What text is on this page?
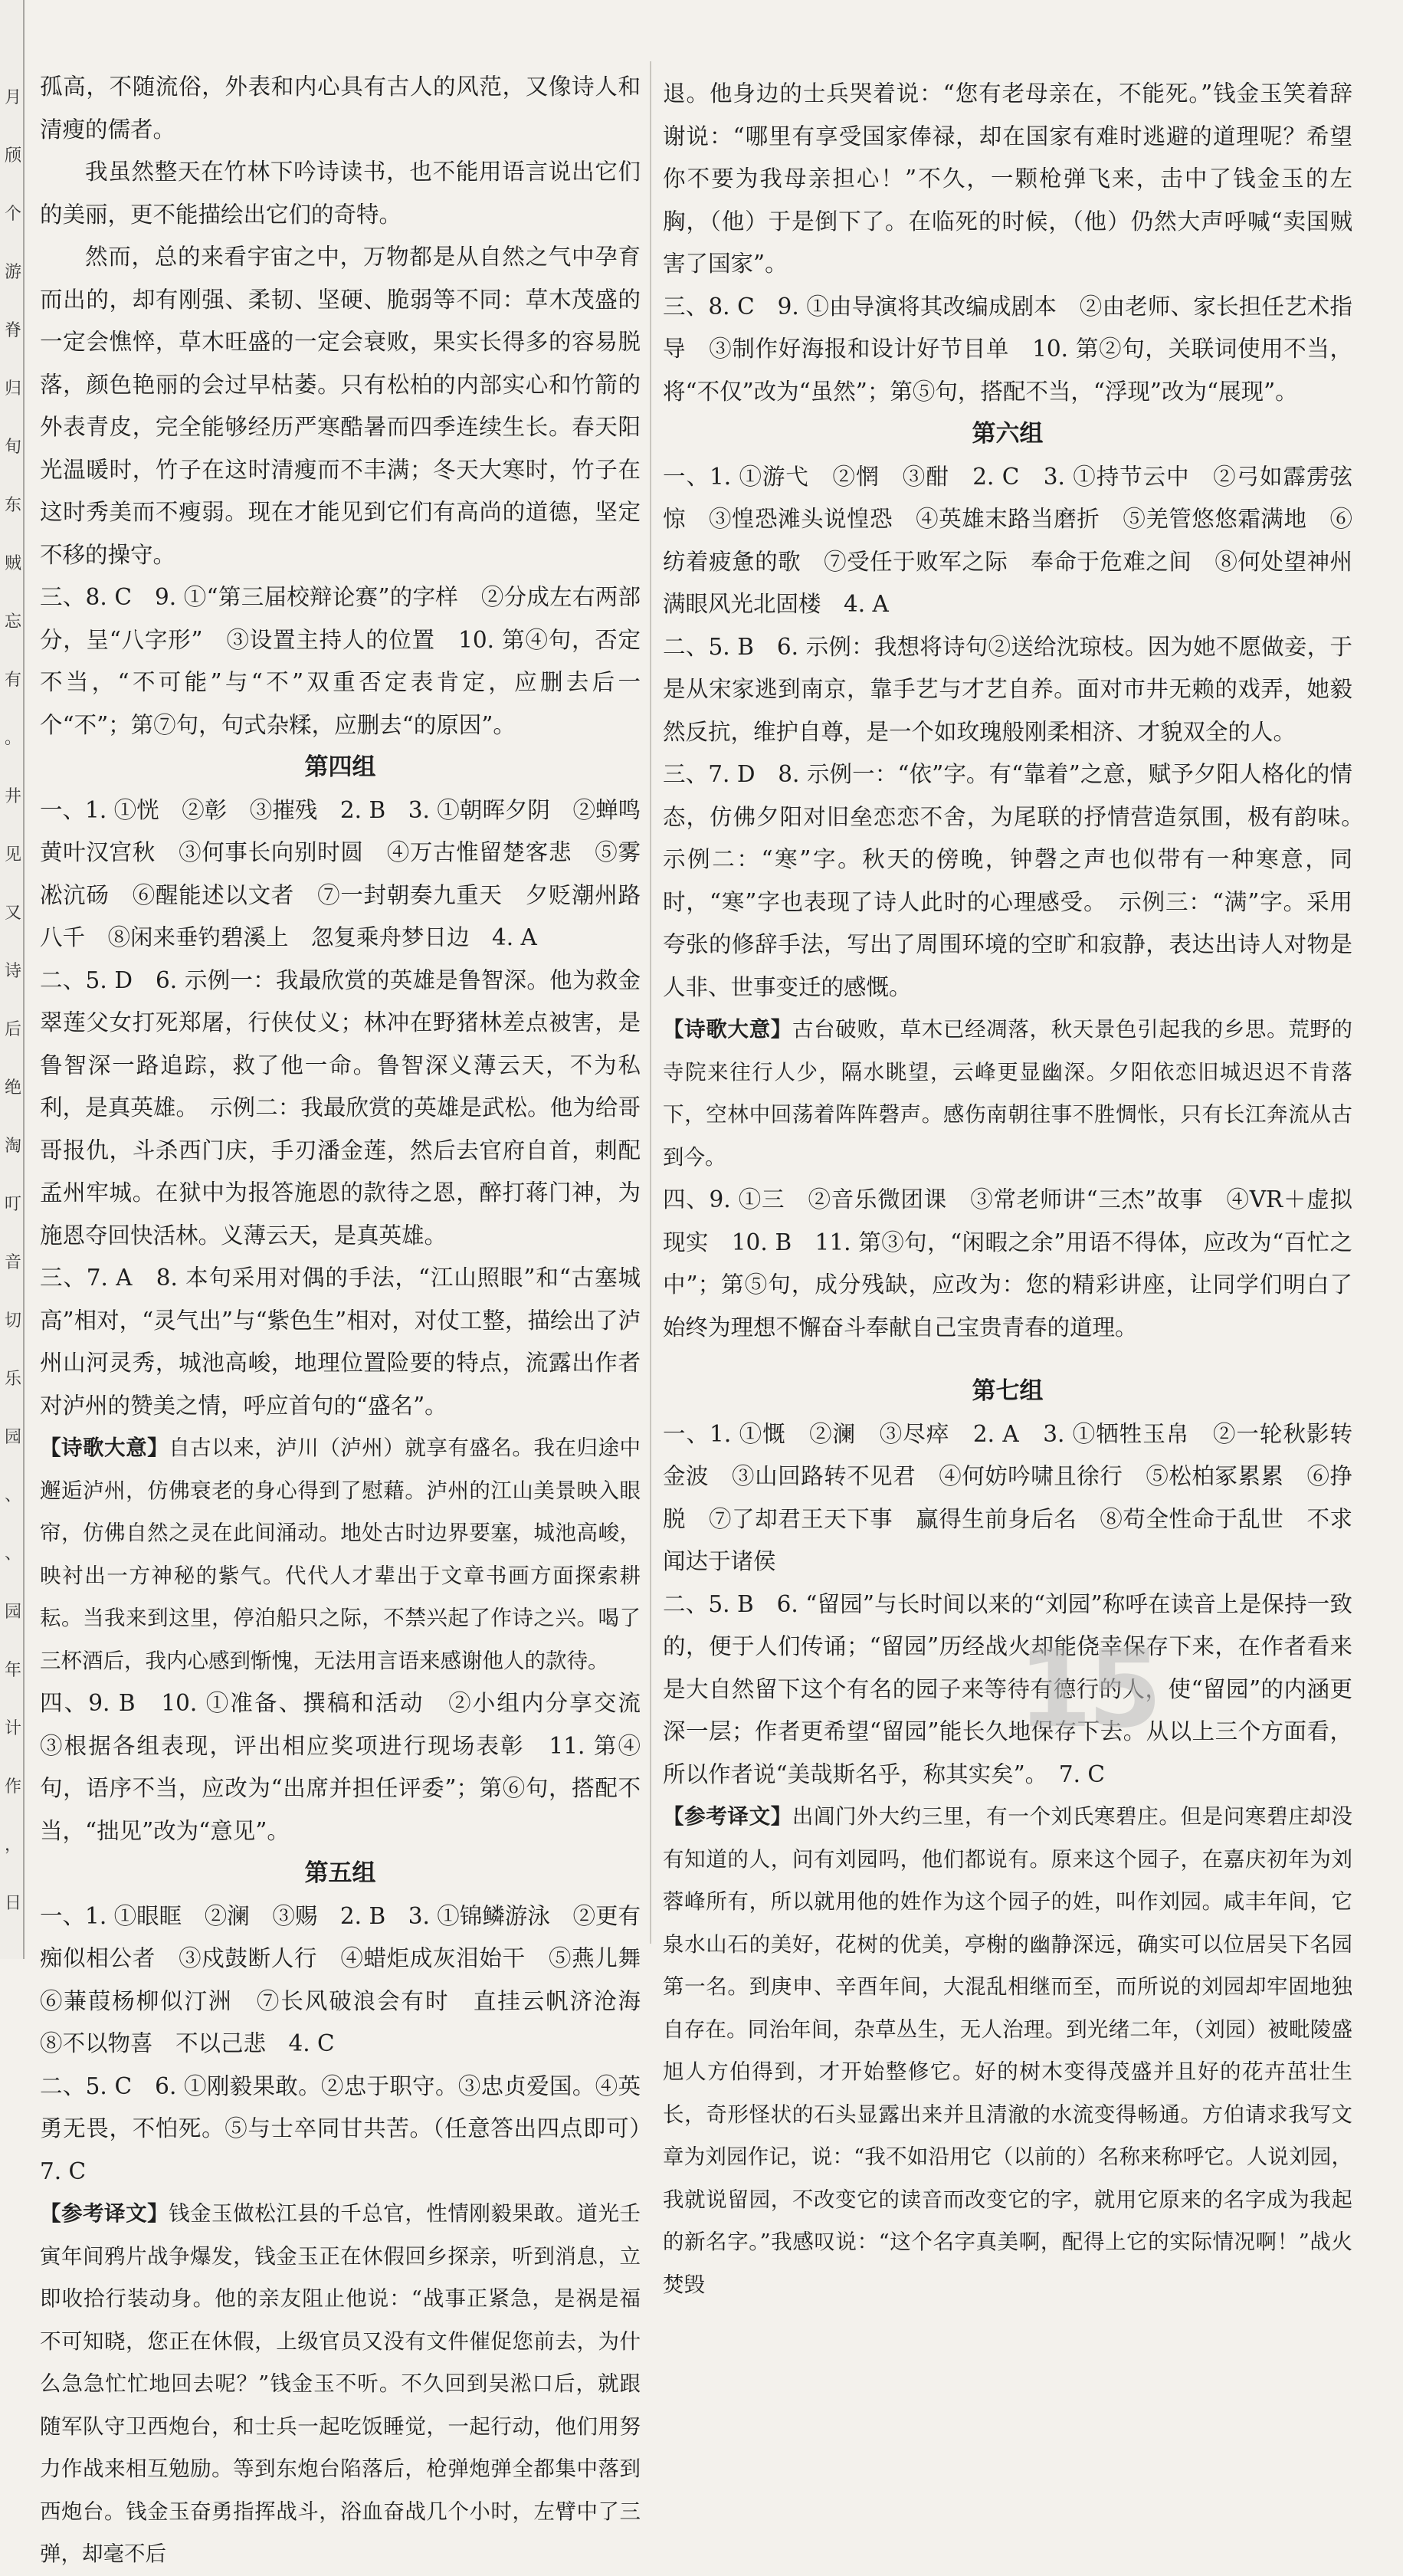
月
颀
个
游
脊
归
旬
东
贼
忘
有
。
井
见
又
诗
后
绝
淘
叮
音
切
乐
园
、
、
园
年
计
作
，
日

孤高，不随流俗，外表和内心具有古人的风范，又像诗人和清瘦的儒者。

我虽然整天在竹林下吟诗读书，也不能用语言说出它们的美丽，更不能描绘出它们的奇特。

然而，总的来看宇宙之中，万物都是从自然之气中孕育而出的，却有刚强、柔韧、坚硬、脆弱等不同：草木茂盛的一定会憔悴，草木旺盛的一定会衰败，果实长得多的容易脱落，颜色艳丽的会过早枯萎。只有松柏的内部实心和竹箭的外表青皮，完全能够经历严寒酷暑而四季连续生长。春天阳光温暖时，竹子在这时清瘦而不丰满；冬天大寒时，竹子在这时秀美而不瘦弱。现在才能见到它们有高尚的道德，坚定不移的操守。

三、8. C　9. ①“第三届校辩论赛”的字样　②分成左右两部分，呈“八字形”　③设置主持人的位置　10. 第④句，否定不当，“不可能”与“不”双重否定表肯定，应删去后一个“不”；第⑦句，句式杂糅，应删去“的原因”。

第四组

一、1. ①恍　②彰　③摧残　2. B　3. ①朝晖夕阴　②蝉鸣黄叶汉宫秋　③何事长向别时圆　④万古惟留楚客悲　⑤雾凇沆砀　⑥醒能述以文者　⑦一封朝奏九重天　夕贬潮州路八千　⑧闲来垂钓碧溪上　忽复乘舟梦日边　4. A

二、5. D　6. 示例一：我最欣赏的英雄是鲁智深。他为救金翠莲父女打死郑屠，行侠仗义；林冲在野猪林差点被害，是鲁智深一路追踪，救了他一命。鲁智深义薄云天，不为私利，是真英雄。　示例二：我最欣赏的英雄是武松。他为给哥哥报仇，斗杀西门庆，手刃潘金莲，然后去官府自首，刺配孟州牢城。在狱中为报答施恩的款待之恩，醉打蒋门神，为施恩夺回快活林。义薄云天，是真英雄。

三、7. A　8. 本句采用对偶的手法，“江山照眼”和“古塞城高”相对，“灵气出”与“紫色生”相对，对仗工整，描绘出了泸州山河灵秀，城池高峻，地理位置险要的特点，流露出作者对泸州的赞美之情，呼应首句的“盛名”。

【诗歌大意】自古以来，泸川（泸州）就享有盛名。我在归途中邂逅泸州，仿佛衰老的身心得到了慰藉。泸州的江山美景映入眼帘，仿佛自然之灵在此间涌动。地处古时边界要塞，城池高峻，映衬出一方神秘的紫气。代代人才辈出于文章书画方面探索耕耘。当我来到这里，停泊船只之际，不禁兴起了作诗之兴。喝了三杯酒后，我内心感到惭愧，无法用言语来感谢他人的款待。

四、9. B　10. ①准备、撰稿和活动　②小组内分享交流　③根据各组表现，评出相应奖项进行现场表彰　11. 第④句，语序不当，应改为“出席并担任评委”；第⑥句，搭配不当，“拙见”改为“意见”。

第五组

一、1. ①眼眶　②澜　③赐　2. B　3. ①锦鳞游泳　②更有痴似相公者　③戍鼓断人行　④蜡炬成灰泪始干　⑤燕儿舞　⑥蒹葭杨柳似汀洲　⑦长风破浪会有时　直挂云帆济沧海　⑧不以物喜　不以己悲　4. C

二、5. C　6. ①刚毅果敢。②忠于职守。③忠贞爱国。④英勇无畏，不怕死。⑤与士卒同甘共苦。（任意答出四点即可）　7. C

【参考译文】钱金玉做松江县的千总官，性情刚毅果敢。道光壬寅年间鸦片战争爆发，钱金玉正在休假回乡探亲，听到消息，立即收拾行装动身。他的亲友阻止他说：“战事正紧急，是祸是福不可知晓，您正在休假，上级官员又没有文件催促您前去，为什么急急忙忙地回去呢？”钱金玉不听。不久回到吴淞口后，就跟随军队守卫西炮台，和士兵一起吃饭睡觉，一起行动，他们用努力作战来相互勉励。等到东炮台陷落后，枪弹炮弹全都集中落到西炮台。钱金玉奋勇指挥战斗，浴血奋战几个小时，左臂中了三弹，却毫不后

退。他身边的士兵哭着说：“您有老母亲在，不能死。”钱金玉笑着辞谢说：“哪里有享受国家俸禄，却在国家有难时逃避的道理呢？希望你不要为我母亲担心！”不久，一颗枪弹飞来，击中了钱金玉的左胸，（他）于是倒下了。在临死的时候，（他）仍然大声呼喊“卖国贼害了国家”。

三、8. C　9. ①由导演将其改编成剧本　②由老师、家长担任艺术指导　③制作好海报和设计好节目单　10. 第②句，关联词使用不当，将“不仅”改为“虽然”；第⑤句，搭配不当，“浮现”改为“展现”。

第六组

一、1. ①游弋　②惘　③酣　2. C　3. ①持节云中　②弓如霹雳弦惊　③惶恐滩头说惶恐　④英雄末路当磨折　⑤羌管悠悠霜满地　⑥纺着疲惫的歌　⑦受任于败军之际　奉命于危难之间　⑧何处望神州　满眼风光北固楼　4. A

二、5. B　6. 示例：我想将诗句②送给沈琼枝。因为她不愿做妾，于是从宋家逃到南京，靠手艺与才艺自养。面对市井无赖的戏弄，她毅然反抗，维护自尊，是一个如玫瑰般刚柔相济、才貌双全的人。

三、7. D　8. 示例一：“依”字。有“靠着”之意，赋予夕阳人格化的情态，仿佛夕阳对旧垒恋恋不舍，为尾联的抒情营造氛围，极有韵味。　示例二：“寒”字。秋天的傍晚，钟磬之声也似带有一种寒意，同时，“寒”字也表现了诗人此时的心理感受。　示例三：“满”字。采用夸张的修辞手法，写出了周围环境的空旷和寂静，表达出诗人对物是人非、世事变迁的感慨。

【诗歌大意】古台破败，草木已经凋落，秋天景色引起我的乡思。荒野的寺院来往行人少，隔水眺望，云峰更显幽深。夕阳依恋旧城迟迟不肯落下，空林中回荡着阵阵磬声。感伤南朝往事不胜惆怅，只有长江奔流从古到今。

四、9. ①三　②音乐微团课　③常老师讲“三杰”故事　④VR＋虚拟现实　10. B　11. 第③句，“闲暇之余”用语不得体，应改为“百忙之中”；第⑤句，成分残缺，应改为：您的精彩讲座，让同学们明白了始终为理想不懈奋斗奉献自己宝贵青春的道理。

第七组

一、1. ①慨　②澜　③尽瘁　2. A　3. ①牺牲玉帛　②一轮秋影转金波　③山回路转不见君　④何妨吟啸且徐行　⑤松柏冢累累　⑥挣脱　⑦了却君王天下事　赢得生前身后名　⑧苟全性命于乱世　不求闻达于诸侯

二、5. B　6. “留园”与长时间以来的“刘园”称呼在读音上是保持一致的，便于人们传诵；“留园”历经战火却能侥幸保存下来，在作者看来是大自然留下这个有名的园子来等待有德行的人，使“留园”的内涵更深一层；作者更希望“留园”能长久地保存下去。从以上三个方面看，所以作者说“美哉斯名乎，称其实矣”。　7. C

【参考译文】出阊门外大约三里，有一个刘氏寒碧庄。但是问寒碧庄却没有知道的人，问有刘园吗，他们都说有。原来这个园子，在嘉庆初年为刘蓉峰所有，所以就用他的姓作为这个园子的姓，叫作刘园。咸丰年间，它泉水山石的美好，花树的优美，亭榭的幽静深远，确实可以位居吴下名园第一名。到庚申、辛酉年间，大混乱相继而至，而所说的刘园却牢固地独自存在。同治年间，杂草丛生，无人治理。到光绪二年，（刘园）被毗陵盛旭人方伯得到，才开始整修它。好的树木变得茂盛并且好的花卉茁壮生长，奇形怪状的石头显露出来并且清澈的水流变得畅通。方伯请求我写文章为刘园作记，说：“我不如沿用它（以前的）名称来称呼它。人说刘园，我就说留园，不改变它的读音而改变它的字，就用它原来的名字成为我起的新名字。”我感叹说：“这个名字真美啊，配得上它的实际情况啊！”战火焚毁

15
